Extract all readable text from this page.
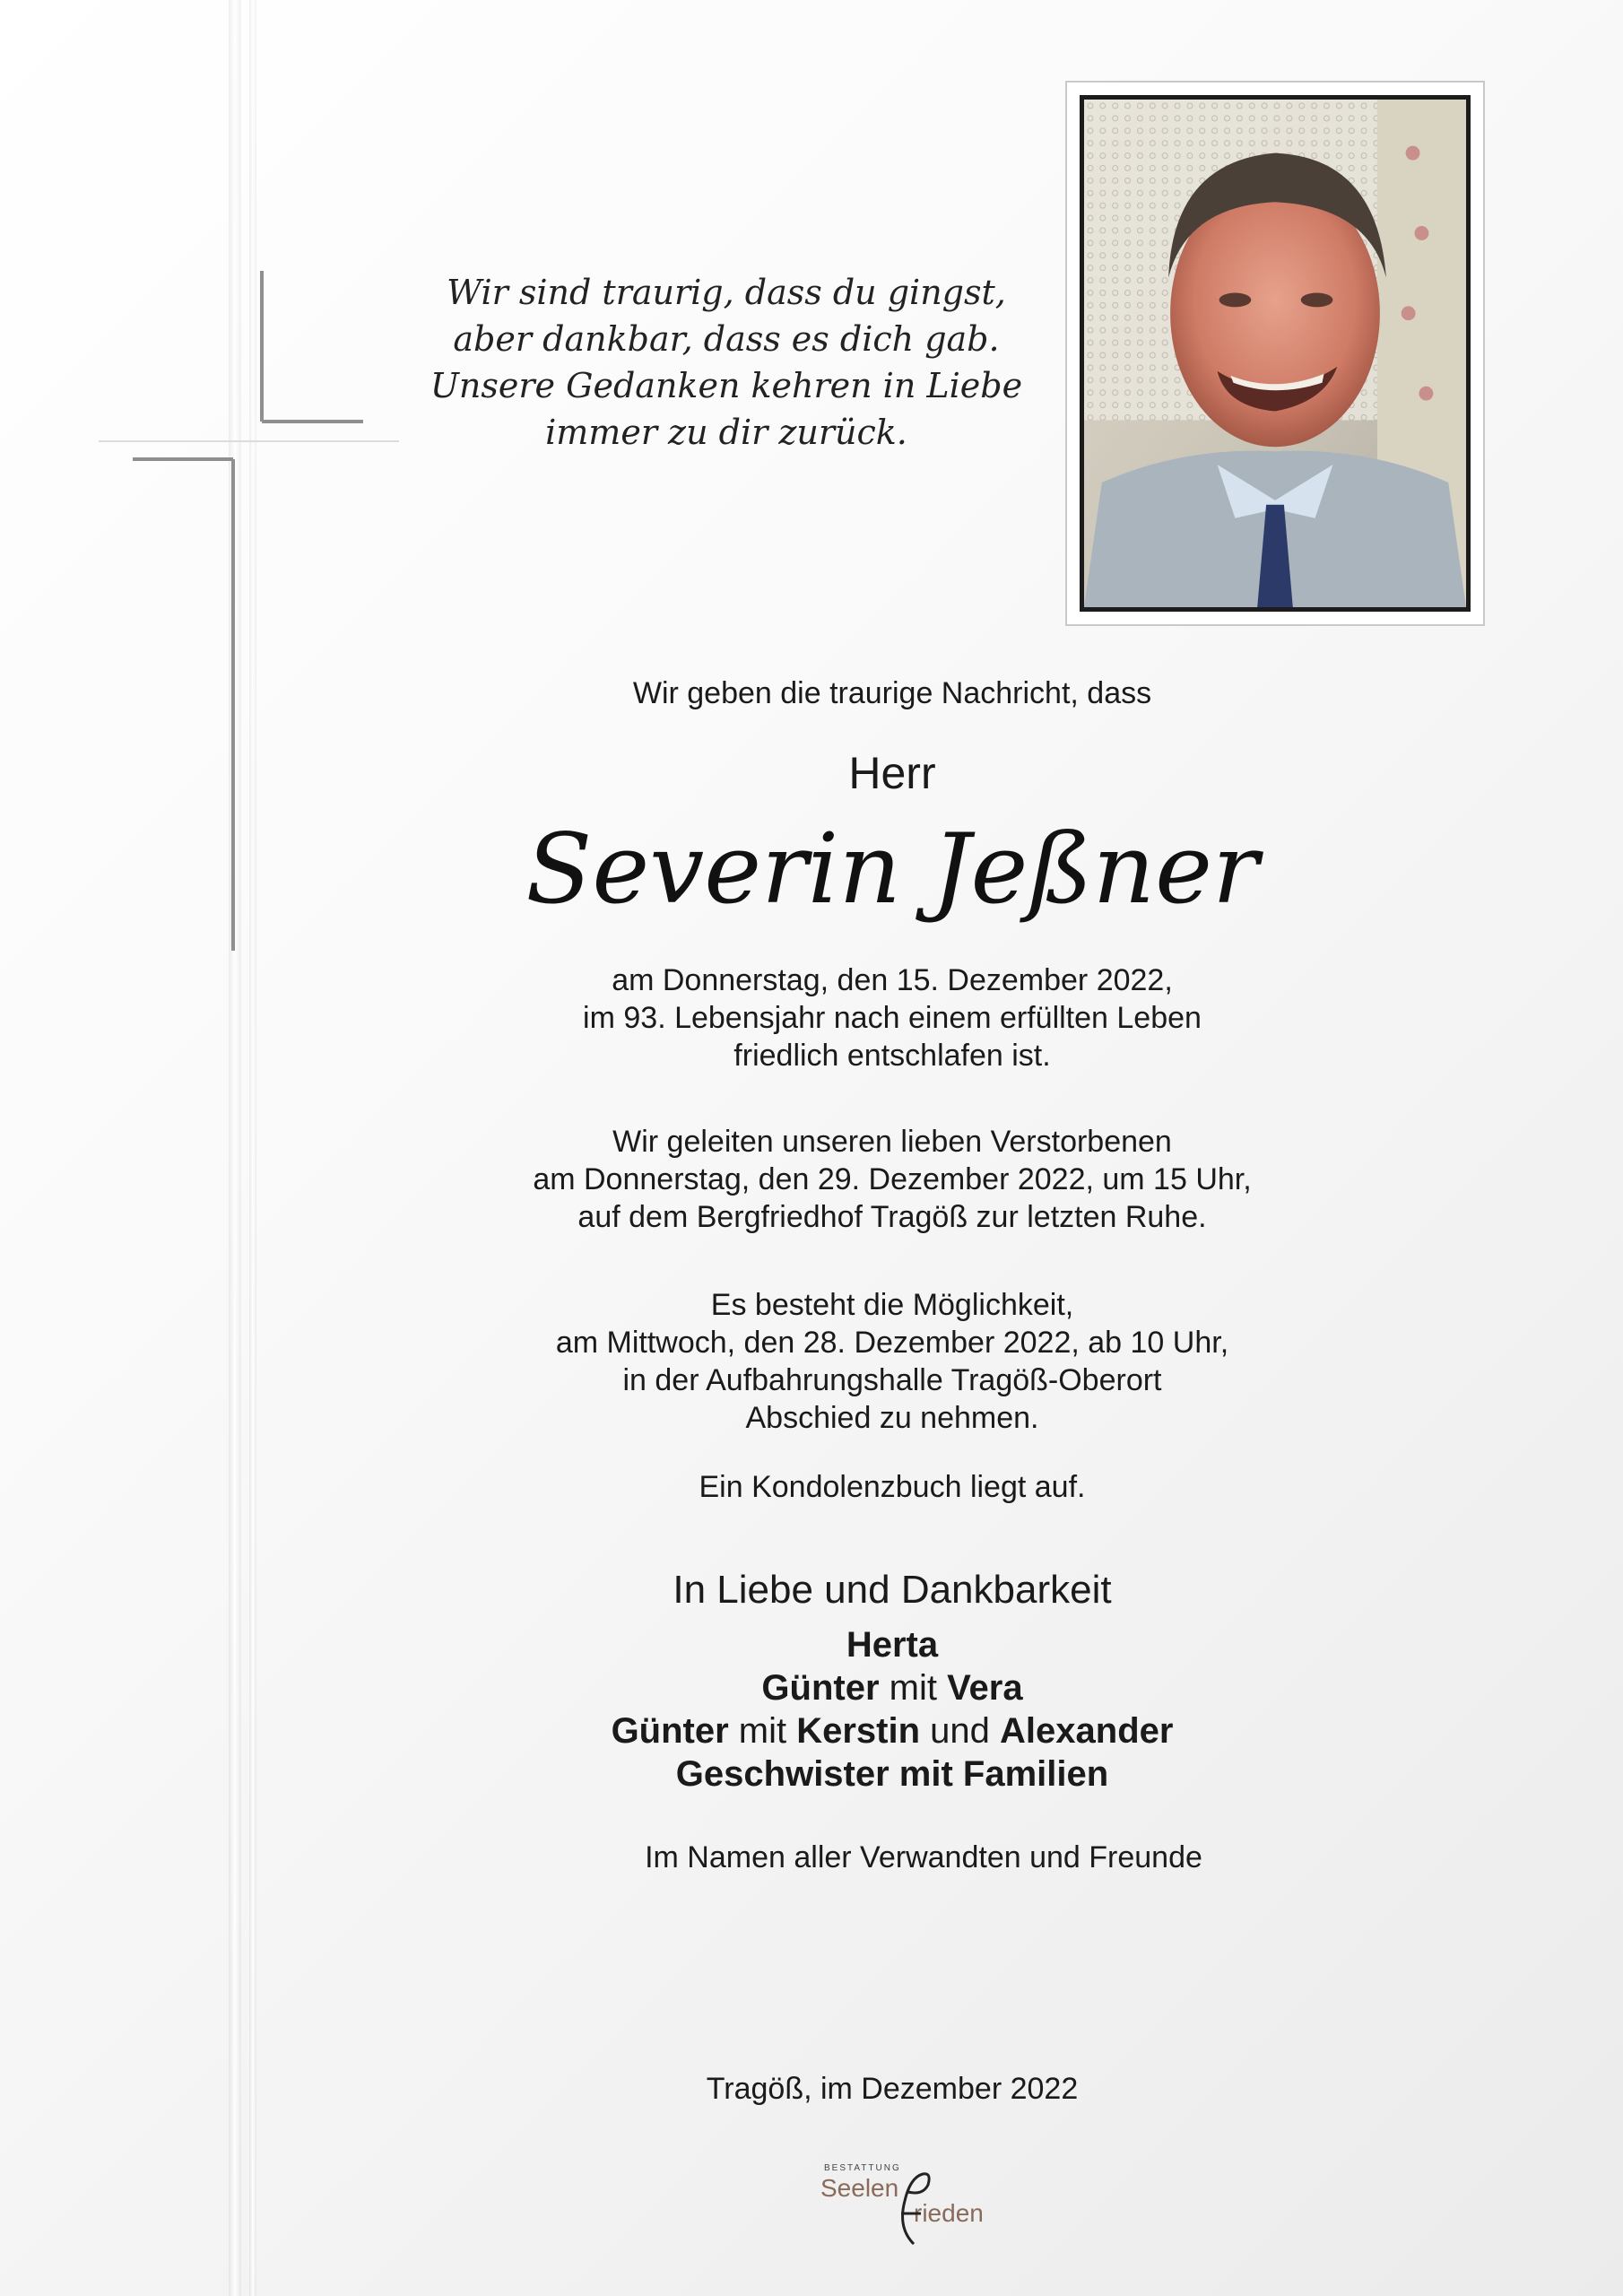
Wir sind traurig, dass du gingst,
aber dankbar, dass es dich gab.
Unsere Gedanken kehren in Liebe
immer zu dir zurück.
Wir geben die traurige Nachricht, dass
Herr
Severin Jeßner
am Donnerstag, den 15. Dezember 2022,
im 93. Lebensjahr nach einem erfüllten Leben
friedlich entschlafen ist.
Wir geleiten unseren lieben Verstorbenen
am Donnerstag, den 29. Dezember 2022, um 15 Uhr,
auf dem Bergfriedhof Tragöß zur letzten Ruhe.
Es besteht die Möglichkeit,
am Mittwoch, den 28. Dezember 2022, ab 10 Uhr,
in der Aufbahrungshalle Tragöß-Oberort
Abschied zu nehmen.
Ein Kondolenzbuch liegt auf.
In Liebe und Dankbarkeit
Herta
Günter mit Vera
Günter mit Kerstin und Alexander
Geschwister mit Familien
Im Namen aller Verwandten und Freunde
Tragöß, im Dezember 2022
BESTATTUNG
Seelen
rieden
